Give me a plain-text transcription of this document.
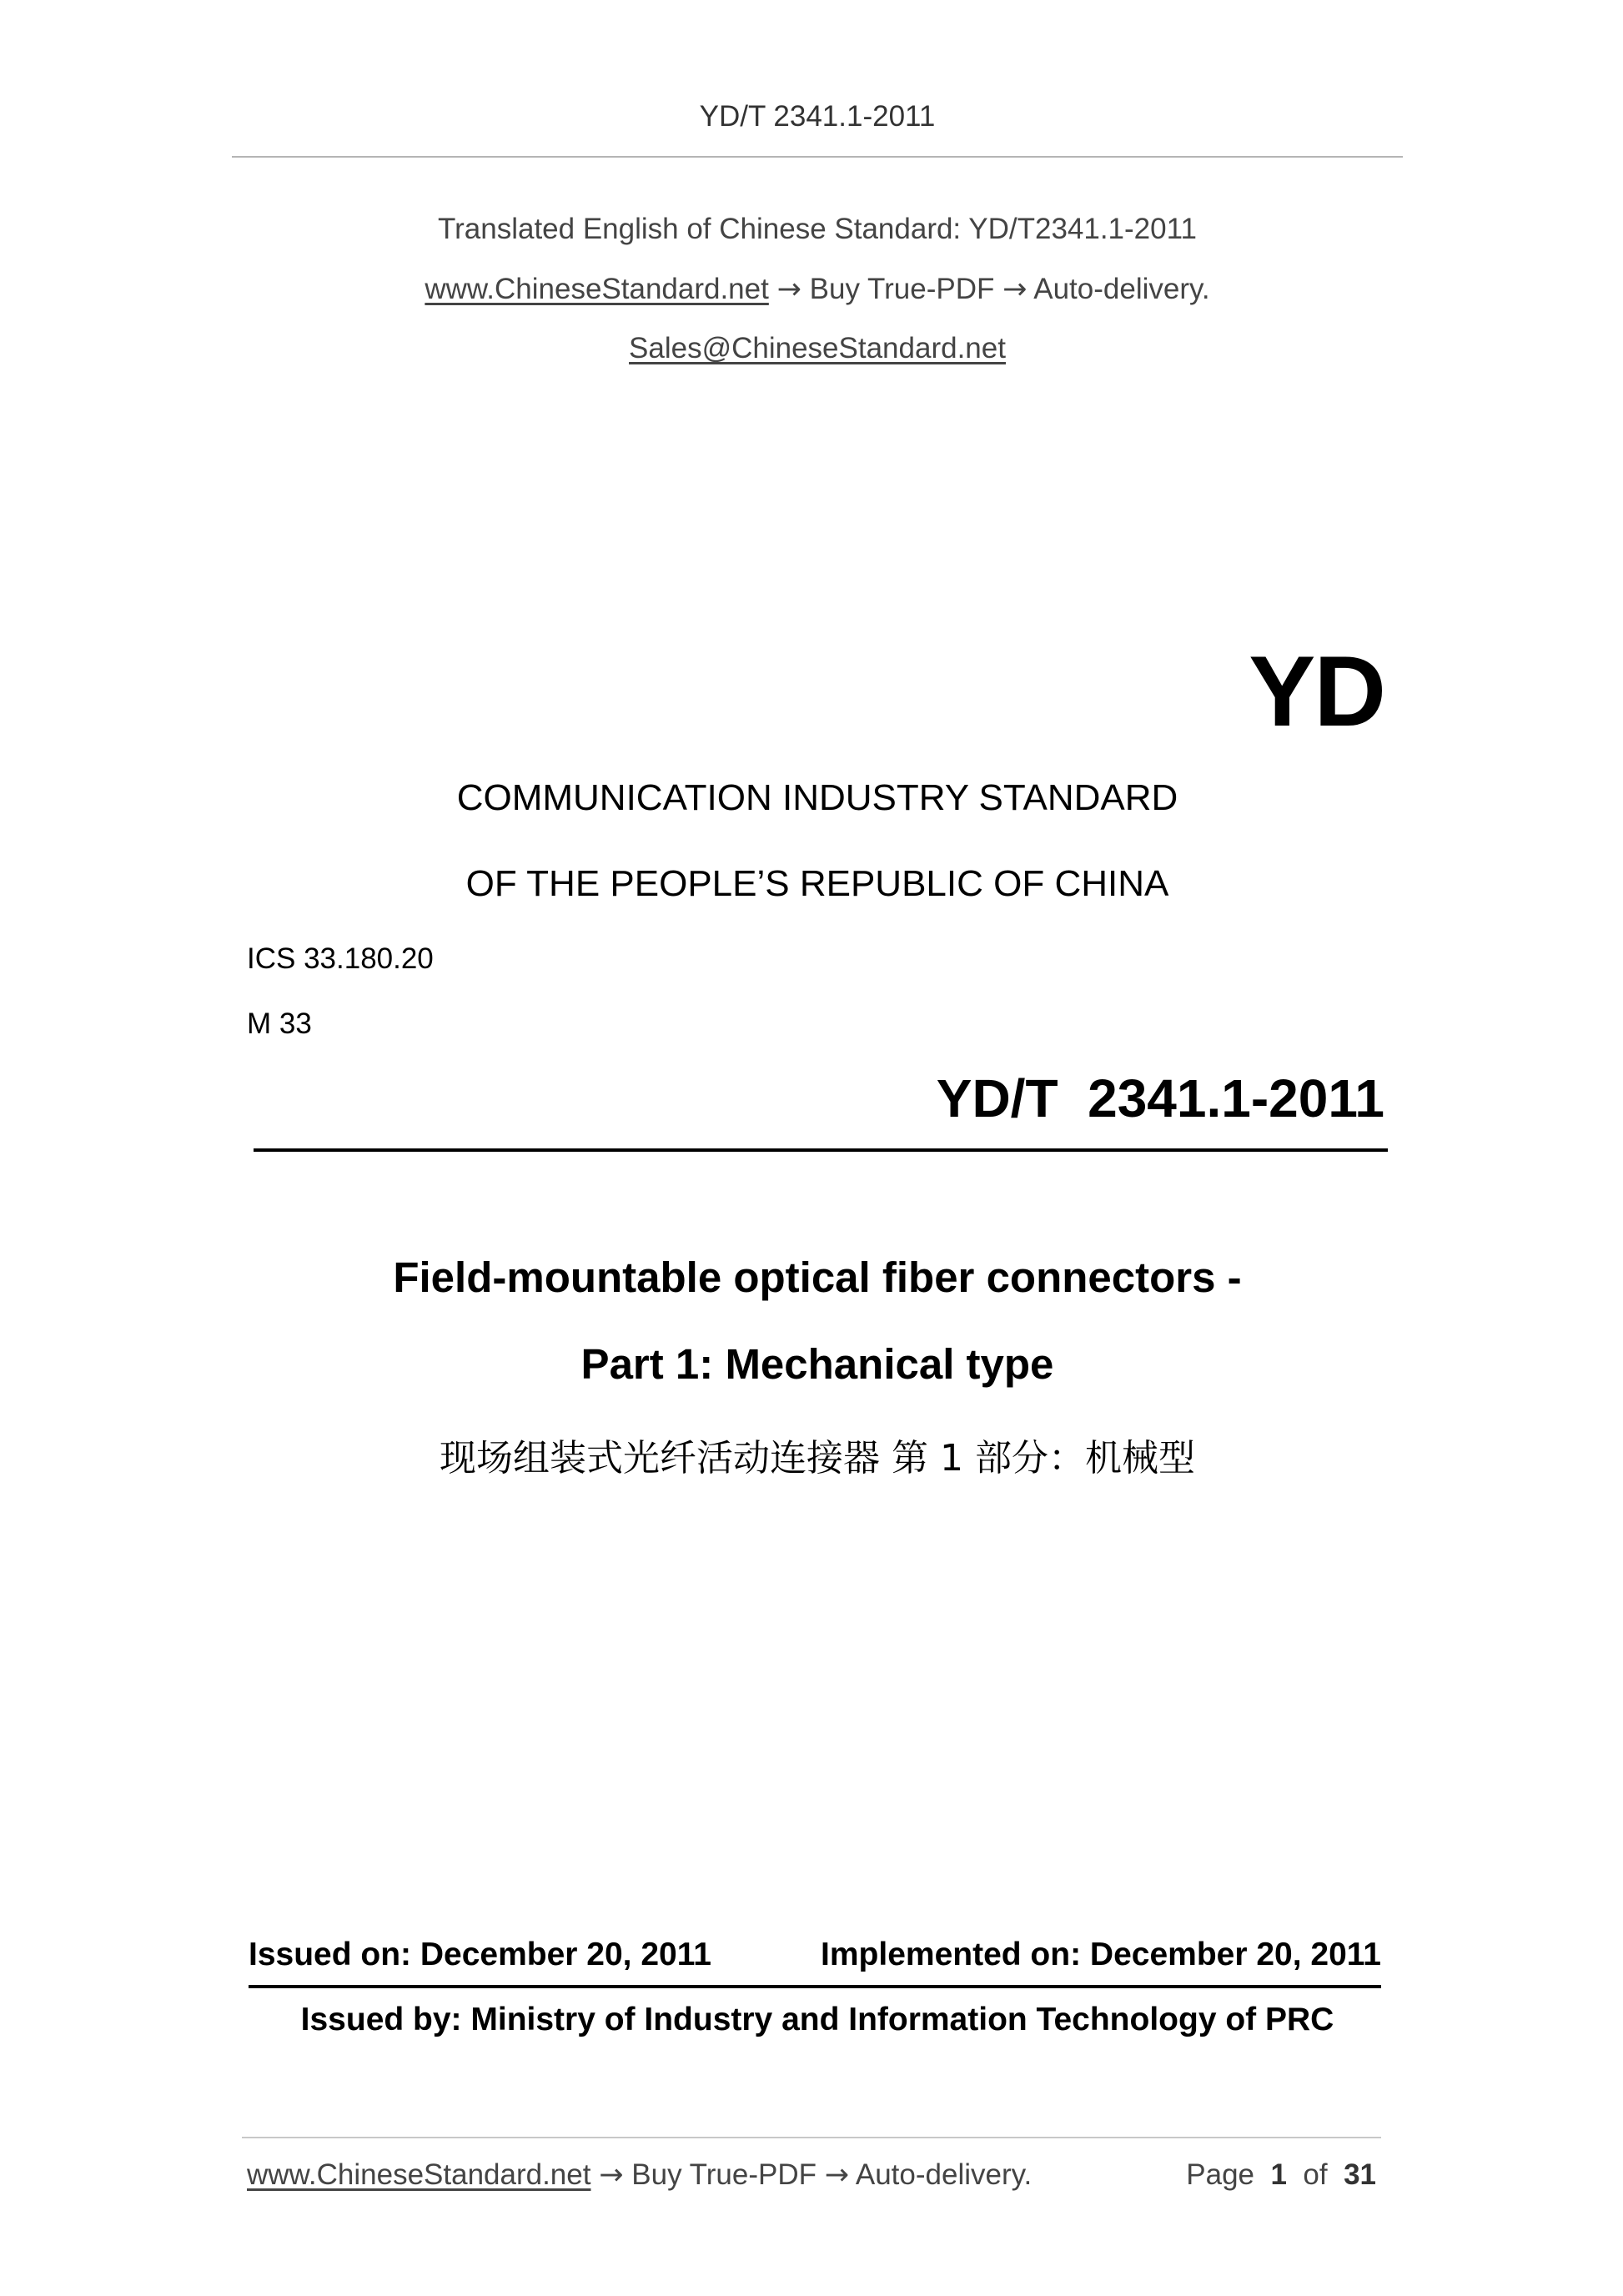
YD/T 2341.1-2011
Translated English of Chinese Standard: YD/T2341.1-2011
www.ChineseStandard.net → Buy True-PDF → Auto-delivery.
Sales@ChineseStandard.net
YD
COMMUNICATION INDUSTRY STANDARD
OF THE PEOPLE’S REPUBLIC OF CHINA
ICS 33.180.20
M 33
YD/T  2341.1-2011
Field-mountable optical fiber connectors -
Part 1: Mechanical type
现场组装式光纤活动连接器 第 1 部分：机械型
Issued on: December 20, 2011	Implemented on: December 20, 2011
Issued by: Ministry of Industry and Information Technology of PRC
www.ChineseStandard.net → Buy True-PDF → Auto-delivery.	Page 1 of 31
